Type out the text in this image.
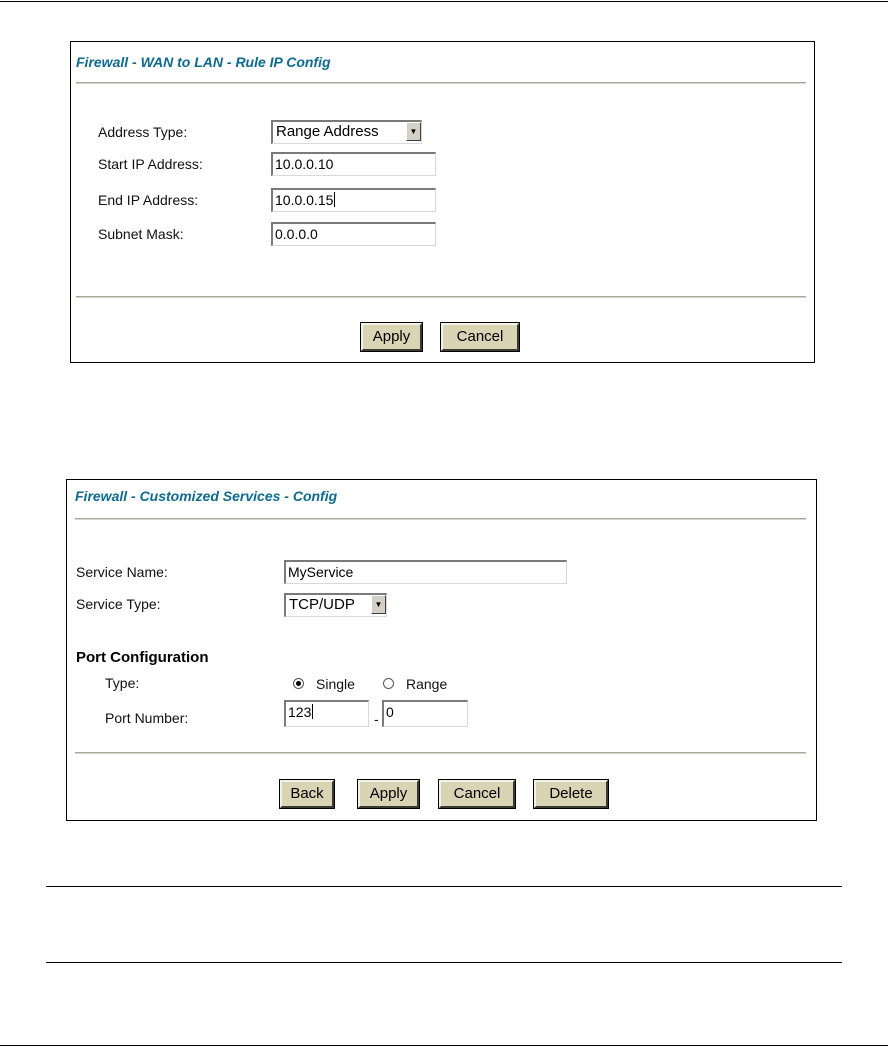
Firewall - WAN to LAN - Rule IP Config
Address Type:	Range Address	▼
Start IP Address:	10.0.0.10
End IP Address:	10.0.0.15
Subnet Mask:	0.0.0.0
Apply	Cancel
Firewall - Customized Services - Config
Service Name:	MyService
Service Type:	TCP/UDP	▼
Port Configuration
Type:	Single	Range
Port Number:	123	- 0
Back	Apply	Cancel	Delete
